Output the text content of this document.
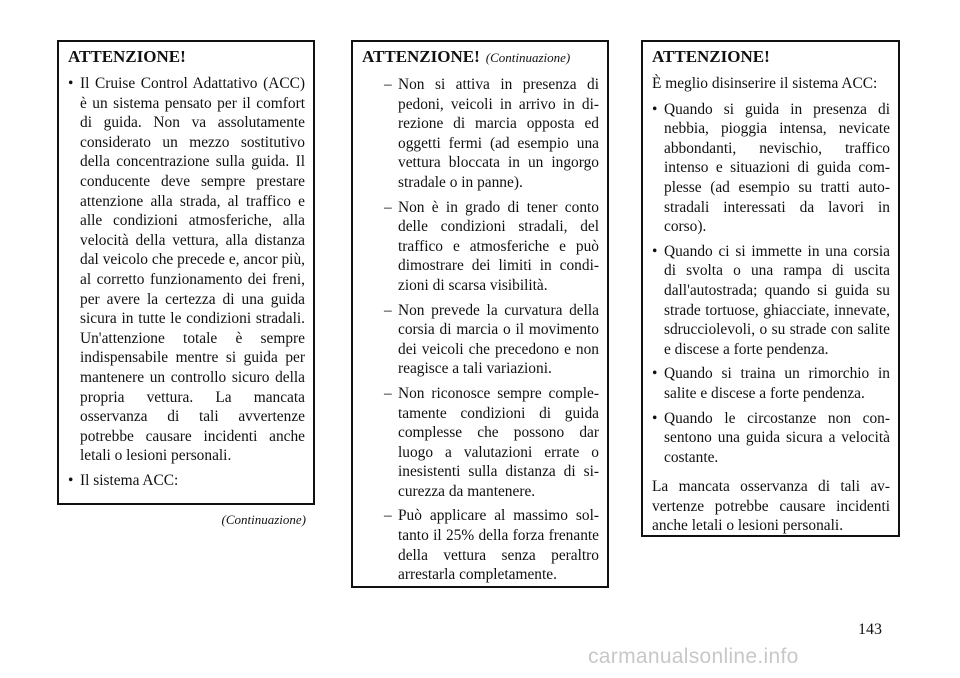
ATTENZIONE!
• Il Cruise Control Adattativo (ACC) è un sistema pensato per il comfort di guida. Non va assolutamente considerato un mezzo sostitutivo della concentrazione sulla guida. Il conducente deve sempre prestare attenzione alla strada, al traffico e alle condizioni atmosferiche, alla velocità della vettura, alla distanza dal veicolo che precede e, ancor più, al corretto funzionamento dei freni, per avere la certezza di una guida sicura in tutte le condizioni stradali. Un'attenzione totale è sempre indispensabile mentre si guida per mantenere un controllo sicuro della propria vettura. La mancata osservanza di tali avvertenze potrebbe causare incidenti anche letali o lesioni personali.
• Il sistema ACC:
(Continuazione)
ATTENZIONE! (Continuazione)
– Non si attiva in presenza di pedoni, veicoli in arrivo in direzione di marcia opposta ed oggetti fermi (ad esempio una vettura bloccata in un ingorgo stradale o in panne).
– Non è in grado di tener conto delle condizioni stradali, del traffico e atmosferiche e può dimostrare dei limiti in condizioni di scarsa visibilità.
– Non prevede la curvatura della corsia di marcia o il movimento dei veicoli che precedono e non reagisce a tali variazioni.
– Non riconosce sempre completamente condizioni di guida complesse che possono dar luogo a valutazioni errate o inesistenti sulla distanza di sicurezza da mantenere.
– Può applicare al massimo soltanto il 25% della forza frenante della vettura senza peraltro arrestarla completamente.
ATTENZIONE!

È meglio disinserire il sistema ACC:

• Quando si guida in presenza di nebbia, pioggia intensa, nevicate abbondanti, nevischio, traffico intenso e situazioni di guida complesse (ad esempio su tratti autostradali interessati da lavori in corso).
• Quando ci si immette in una corsia di svolta o una rampa di uscita dall'autostrada; quando si guida su strade tortuose, ghiacciate, innevate, sdrucciolevoli, o su strade con salite e discese a forte pendenza.
• Quando si traina un rimorchio in salite e discese a forte pendenza.
• Quando le circostanze non consentono una guida sicura a velocità costante.

La mancata osservanza di tali avvertenze potrebbe causare incidenti anche letali o lesioni personali.

143
carmanualsonline.info
